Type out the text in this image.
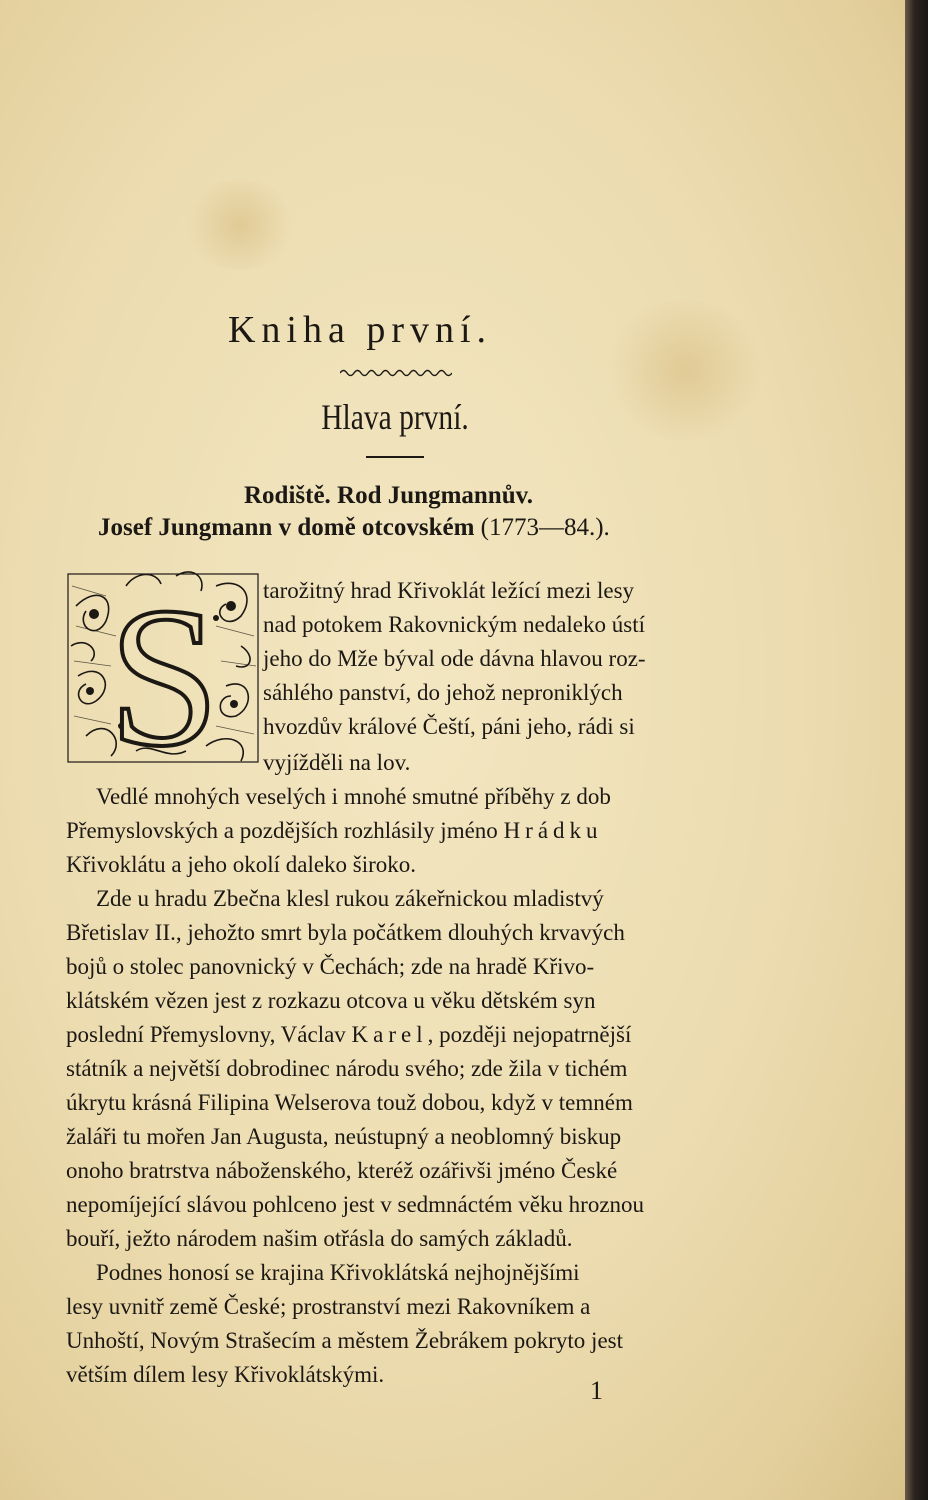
Kniha první.
Hlava první.
Rodiště. Rod Jungmannův.
Josef Jungmann v domě otcovském (1773—84.).
S tarožitný hrad Křivoklát ležící mezi lesy
nad potokem Rakovnickým nedaleko ústí
jeho do Mže býval ode dávna hlavou roz-
sáhlého panství, do jehož neproniklých
hvozdův králové Čeští, páni jeho, rádi si
vyjížděli na lov.
Vedlé mnohých veselých i mnohé smutné příběhy z dob
Přemyslovských a pozdějších rozhlásily jméno Hrádku
Křivoklátu a jeho okolí daleko široko.
Zde u hradu Zbečna klesl rukou zákeřnickou mladistvý
Břetislav II., jehožto smrt byla počátkem dlouhých krvavých
bojů o stolec panovnický v Čechách; zde na hradě Křivo-
klátském vězen jest z rozkazu otcova u věku dětském syn
poslední Přemyslovny, Václav Karel, později nejopatrnější
státník a největší dobrodinec národu svého; zde žila v tichém
úkrytu krásná Filipina Welserova touž dobou, když v temném
žaláři tu mořen Jan Augusta, neústupný a neoblomný biskup
onoho bratrstva náboženského, kteréž ozářivši jméno České
nepomíjející slávou pohlceno jest v sedmnáctém věku hroznou
bouří, ježto národem našim otřásla do samých základů.
Podnes honosí se krajina Křivoklátská nejhojnějšími
lesy uvnitř země České; prostranství mezi Rakovníkem a
Unhoští, Novým Strašecím a městem Žebrákem pokryto jest
větším dílem lesy Křivoklátskými.
1
